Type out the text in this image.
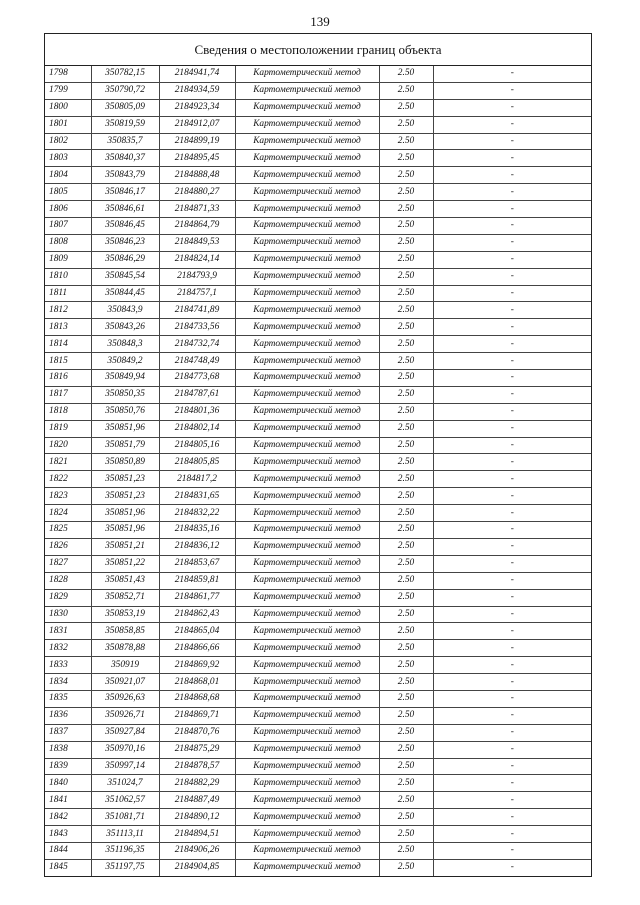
139
Сведения о местоположении границ объекта
1798	350782,15	2184941,74	Картометрический метод	2.50	-
1799	350790,72	2184934,59	Картометрический метод	2.50	-
1800	350805,09	2184923,34	Картометрический метод	2.50	-
1801	350819,59	2184912,07	Картометрический метод	2.50	-
1802	350835,7	2184899,19	Картометрический метод	2.50	-
1803	350840,37	2184895,45	Картометрический метод	2.50	-
1804	350843,79	2184888,48	Картометрический метод	2.50	-
1805	350846,17	2184880,27	Картометрический метод	2.50	-
1806	350846,61	2184871,33	Картометрический метод	2.50	-
1807	350846,45	2184864,79	Картометрический метод	2.50	-
1808	350846,23	2184849,53	Картометрический метод	2.50	-
1809	350846,29	2184824,14	Картометрический метод	2.50	-
1810	350845,54	2184793,9	Картометрический метод	2.50	-
1811	350844,45	2184757,1	Картометрический метод	2.50	-
1812	350843,9	2184741,89	Картометрический метод	2.50	-
1813	350843,26	2184733,56	Картометрический метод	2.50	-
1814	350848,3	2184732,74	Картометрический метод	2.50	-
1815	350849,2	2184748,49	Картометрический метод	2.50	-
1816	350849,94	2184773,68	Картометрический метод	2.50	-
1817	350850,35	2184787,61	Картометрический метод	2.50	-
1818	350850,76	2184801,36	Картометрический метод	2.50	-
1819	350851,96	2184802,14	Картометрический метод	2.50	-
1820	350851,79	2184805,16	Картометрический метод	2.50	-
1821	350850,89	2184805,85	Картометрический метод	2.50	-
1822	350851,23	2184817,2	Картометрический метод	2.50	-
1823	350851,23	2184831,65	Картометрический метод	2.50	-
1824	350851,96	2184832,22	Картометрический метод	2.50	-
1825	350851,96	2184835,16	Картометрический метод	2.50	-
1826	350851,21	2184836,12	Картометрический метод	2.50	-
1827	350851,22	2184853,67	Картометрический метод	2.50	-
1828	350851,43	2184859,81	Картометрический метод	2.50	-
1829	350852,71	2184861,77	Картометрический метод	2.50	-
1830	350853,19	2184862,43	Картометрический метод	2.50	-
1831	350858,85	2184865,04	Картометрический метод	2.50	-
1832	350878,88	2184866,66	Картометрический метод	2.50	-
1833	350919	2184869,92	Картометрический метод	2.50	-
1834	350921,07	2184868,01	Картометрический метод	2.50	-
1835	350926,63	2184868,68	Картометрический метод	2.50	-
1836	350926,71	2184869,71	Картометрический метод	2.50	-
1837	350927,84	2184870,76	Картометрический метод	2.50	-
1838	350970,16	2184875,29	Картометрический метод	2.50	-
1839	350997,14	2184878,57	Картометрический метод	2.50	-
1840	351024,7	2184882,29	Картометрический метод	2.50	-
1841	351062,57	2184887,49	Картометрический метод	2.50	-
1842	351081,71	2184890,12	Картометрический метод	2.50	-
1843	351113,11	2184894,51	Картометрический метод	2.50	-
1844	351196,35	2184906,26	Картометрический метод	2.50	-
1845	351197,75	2184904,85	Картометрический метод	2.50	-
